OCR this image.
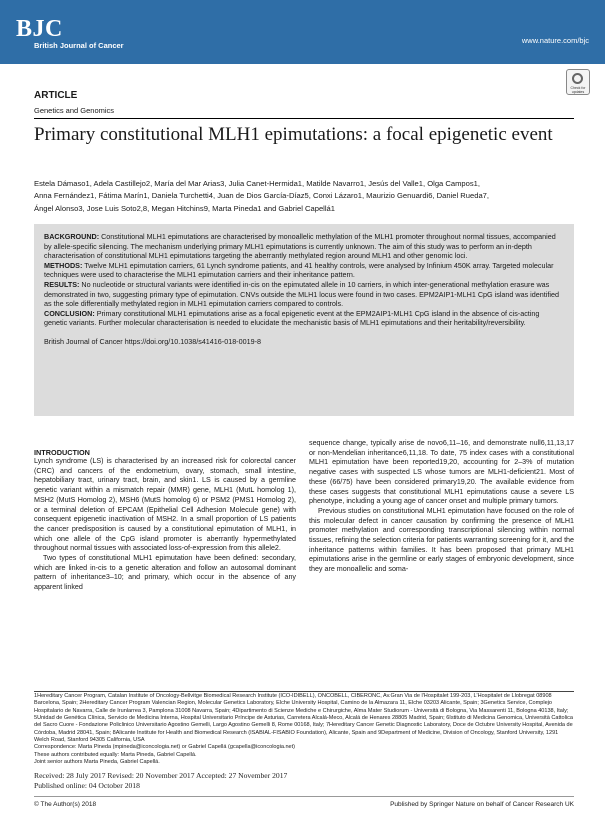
BJC
British Journal of Cancer
www.nature.com/bjc
Check for updates
ARTICLE
Genetics and Genomics
Primary constitutional MLH1 epimutations: a focal epigenetic event
Estela Dámaso1, Adela Castillejo2, María del Mar Arias3, Julia Canet-Hermida1, Matilde Navarro1, Jesús del Valle1, Olga Campos1,
Anna Fernández1, Fátima Marín1, Daniela Turchetti4, Juan de Dios García-Díaz5, Conxi Lázaro1, Maurizio Genuardi6, Daniel Rueda7,
Ángel Alonso3, Jose Luis Soto2,8, Megan Hitchins9, Marta Pineda1 and Gabriel Capellá1

BACKGROUND: Constitutional MLH1 epimutations are characterised by monoallelic methylation of the MLH1 promoter throughout normal tissues, accompanied by allele-specific silencing. The mechanism underlying primary MLH1 epimutations is currently unknown. The aim of this study was to perform an in-depth characterisation of constitutional MLH1 epimutations targeting the aberrantly methylated region around MLH1 and other genomic loci.

METHODS: Twelve MLH1 epimutation carriers, 61 Lynch syndrome patients, and 41 healthy controls, were analysed by Infinium 450K array. Targeted molecular techniques were used to characterise the MLH1 epimutation carriers and their inheritance pattern.

RESULTS: No nucleotide or structural variants were identified in-cis on the epimutated allele in 10 carriers, in which inter-generational methylation erasure was demonstrated in two, suggesting primary type of epimutation. CNVs outside the MLH1 locus were found in two cases. EPM2AIP1-MLH1 CpG island was identified as the sole differentially methylated region in MLH1 epimutation carriers compared to controls.

CONCLUSION: Primary constitutional MLH1 epimutations arise as a focal epigenetic event at the EPM2AIP1-MLH1 CpG island in the absence of cis-acting genetic variants. Further molecular characterisation is needed to elucidate the mechanistic basis of MLH1 epimutations and their heritability/reversibility.

British Journal of Cancer https://doi.org/10.1038/s41416-018-0019-8

INTRODUCTION

Lynch syndrome (LS) is characterised by an increased risk for colorectal cancer (CRC) and cancers of the endometrium, ovary, stomach, small intestine, hepatobiliary tract, urinary tract, brain, and skin1. LS is caused by a germline genetic variant within a mismatch repair (MMR) gene, MLH1 (MutL homolog 1), MSH2 (MutS Homolog 2), MSH6 (MutS homolog 6) or PSM2 (PMS1 Homolog 2), or a terminal deletion of EPCAM (Epithelial Cell Adhesion Molecule gene) with consequent epigenetic inactivation of MSH2. In a small proportion of LS patients the cancer predisposition is caused by a constitutional epimutation of MLH1, in which one allele of the CpG island promoter is aberrantly hypermethylated throughout normal tissues with associated loss-of-expression from this allele2.

Two types of constitutional MLH1 epimutation have been defined: secondary, which are linked in-cis to a genetic alteration and follow an autosomal dominant pattern of inheritance3–10; and primary, which occur in the absence of any apparent linked

sequence change, typically arise de novo6,11–16, and demonstrate null6,11,13,17 or non-Mendelian inheritance6,11,18. To date, 75 index cases with a constitutional MLH1 epimutation have been reported19,20, accounting for 2–3% of mutation negative cases with suspected LS whose tumors are MLH1-deficient21. Most of these (66/75) have been considered primary19,20. The available evidence from these cases suggests that constitutional MLH1 epimutations cause a severe LS phenotype, including a young age of cancer onset and multiple primary tumors.

Previous studies on constitutional MLH1 epimutation have focused on the role of this molecular defect in cancer causation by confirming the presence of MLH1 promoter methylation and corresponding transcriptional silencing within normal tissues, refining the selection criteria for patients warranting screening for it, and the inheritance patterns within families. It has been proposed that primary MLH1 epimutations arise in the germline or early stages of embryonic development, since they are monoallelic and soma-

1Hereditary Cancer Program, Catalan Institute of Oncology-Bellvitge Biomedical Research Institute (ICO-IDIBELL), ONCOBELL, CIBERONC, Av.Gran Via de l'Hospitalet 199-203, L'Hospitalet de Llobregat 08908 Barcelona, Spain; 2Hereditary Cancer Program Valencian Region, Molecular Genetics Laboratory, Elche University Hospital, Camino de la Almazara 11, Elche 03203 Alicante, Spain; 3Genetics Service, Complejo Hospitalario de Navarra, Calle de Irunlarrea 3, Pamplona 31008 Navarra, Spain; 4Dipartimento di Scienze Mediche e Chirurgiche, Alma Mater Studiorum - Università di Bologna, Via Massarenti 11, Bologna 40138, Italy; 5Unidad de Genética Clínica, Servicio de Medicina Interna, Hospital Universitario Príncipe de Asturias, Carretera Alcalá-Meco, Alcalá de Henares 28805 Madrid, Spain; 6Istituto di Medicina Genomica, Università Cattolica del Sacro Cuore - Fondazione Policlinico Universitario Agostino Gemelli, Largo Agostino Gemelli 8, Rome 00168, Italy; 7Hereditary Cancer Genetic Diagnostic Laboratory, Doce de Octubre University Hospital, Avenida de Córdoba, Madrid 28041, Spain; 8Alicante Institute for Health and Biomedical Research (ISABIAL-FISABIO Foundation), Alicante, Spain and 9Department of Medicine, Division of Oncology, Stanford University, 1291 Welch Road, Stanford 94305 California, USA

Correspondence: Marta Pineda (mpineda@iconcologia.net) or Gabriel Capellá (gcapella@iconcologia.net)

These authors contributed equally: Marta Pineda, Gabriel Capellá.

Joint senior authors Marta Pineda, Gabriel Capellá.

Received: 28 July 2017 Revised: 20 November 2017 Accepted: 27 November 2017
Published online: 04 October 2018
© The Author(s) 2018	Published by Springer Nature on behalf of Cancer Research UK
